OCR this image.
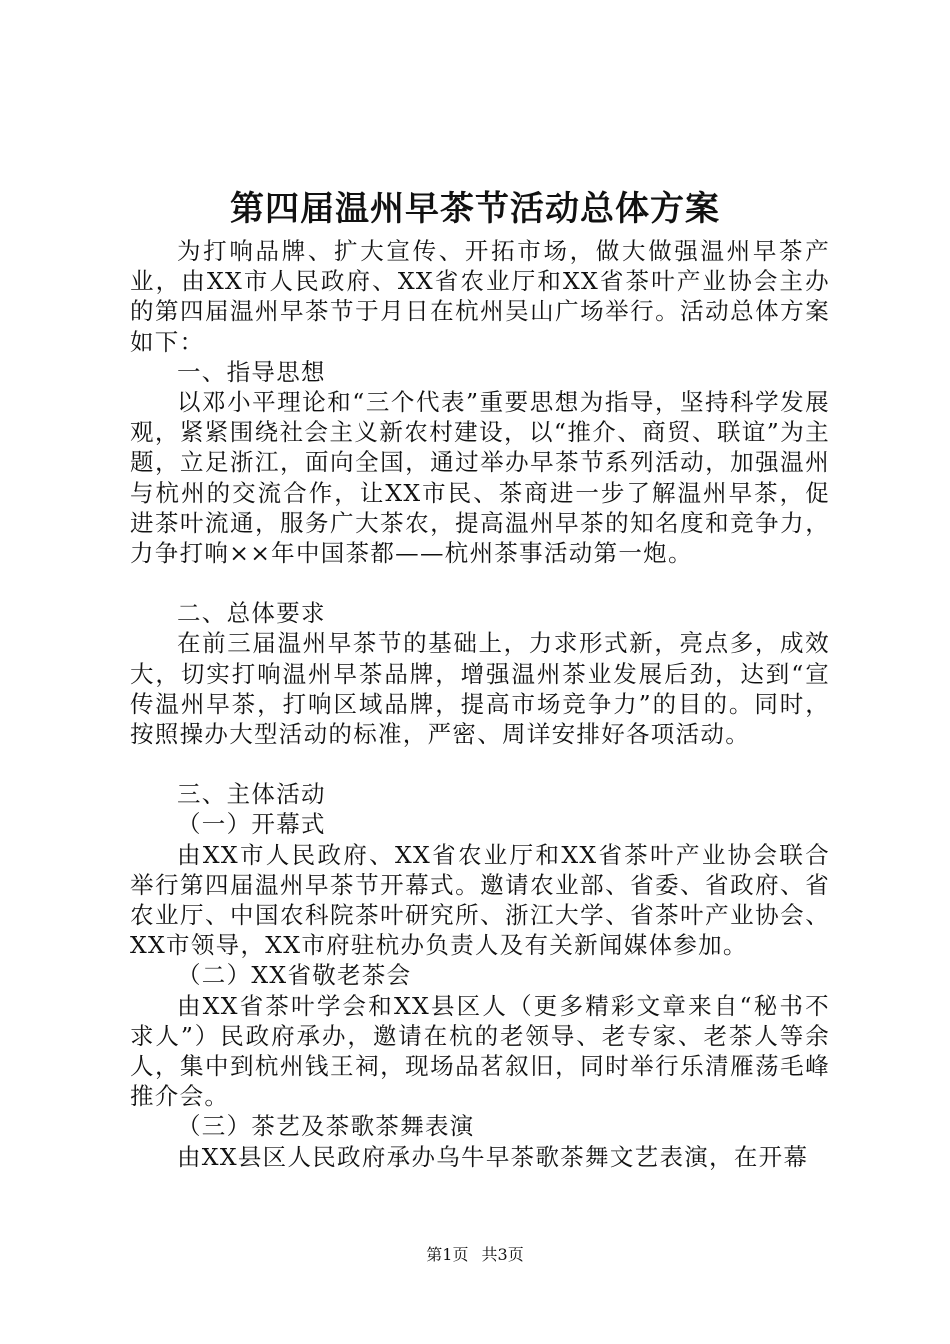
第四届温州早茶节活动总体方案

为打响品牌、扩大宣传、开拓市场，做大做强温州早茶产业，由XX市人民政府、XX省农业厅和XX省茶叶产业协会主办的第四届温州早茶节于月日在杭州吴山广场举行。活动总体方案如下：

一、指导思想

以邓小平理论和“三个代表”重要思想为指导，坚持科学发展观，紧紧围绕社会主义新农村建设，以“推介、商贸、联谊”为主题，立足浙江，面向全国，通过举办早茶节系列活动，加强温州与杭州的交流合作，让XX市民、茶商进一步了解温州早茶，促进茶叶流通，服务广大茶农，提高温州早茶的知名度和竞争力，力争打响××年中国茶都——杭州茶事活动第一炮。

二、总体要求

在前三届温州早茶节的基础上，力求形式新，亮点多，成效大，切实打响温州早茶品牌，增强温州茶业发展后劲，达到“宣传温州早茶，打响区域品牌，提高市场竞争力”的目的。同时，按照操办大型活动的标准，严密、周详安排好各项活动。

三、主体活动

（一）开幕式

由XX市人民政府、XX省农业厅和XX省茶叶产业协会联合举行第四届温州早茶节开幕式。邀请农业部、省委、省政府、省农业厅、中国农科院茶叶研究所、浙江大学、省茶叶产业协会、XX市领导，XX市府驻杭办负责人及有关新闻媒体参加。

（二）XX省敬老茶会

由XX省茶叶学会和XX县区人（更多精彩文章来自“秘书不求人”）民政府承办，邀请在杭的老领导、老专家、老茶人等余人，集中到杭州钱王祠，现场品茗叙旧，同时举行乐清雁荡毛峰推介会。

（三）茶艺及茶歌茶舞表演

由XX县区人民政府承办乌牛早茶歌茶舞文艺表演，在开幕

第1页 共3页
